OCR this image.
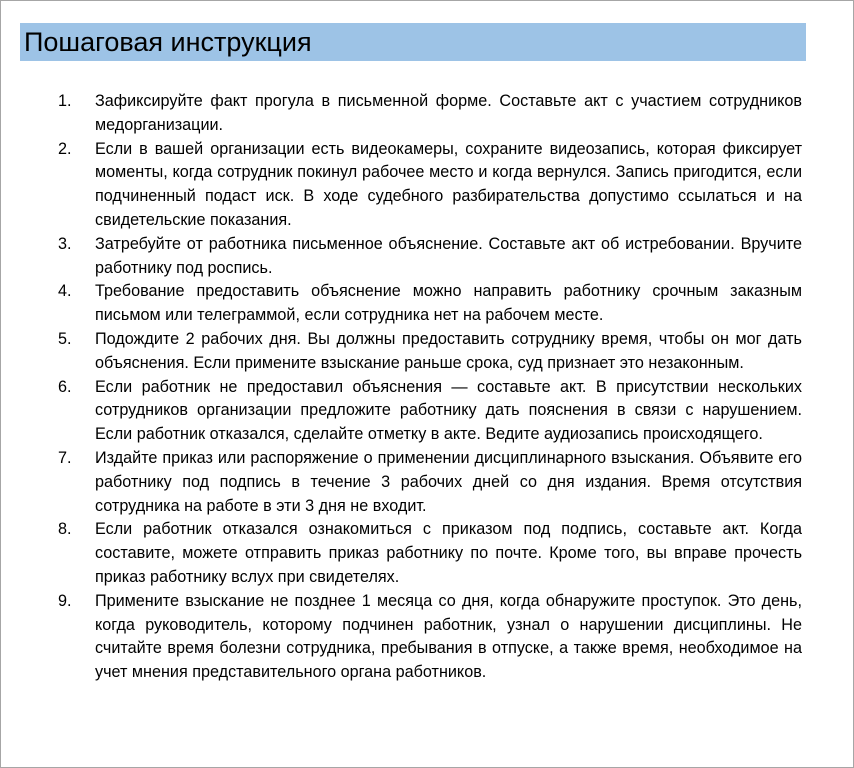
Пошаговая инструкция
1.	Зафиксируйте факт прогула в письменной форме. Составьте акт с участием сотрудников медорганизации.
2.	Если в вашей организации есть видеокамеры, сохраните видеозапись, которая фиксирует моменты, когда сотрудник покинул рабочее место и когда вернулся. Запись пригодится, если подчиненный подаст иск. В ходе судебного разбирательства допустимо ссылаться и на свидетельские показания.
3.	Затребуйте от работника письменное объяснение. Составьте акт об истребовании. Вручите работнику под роспись.
4.	Требование предоставить объяснение можно направить работнику срочным заказным письмом или телеграммой, если сотрудника нет на рабочем месте.
5.	Подождите 2 рабочих дня. Вы должны предоставить сотруднику время, чтобы он мог дать объяснения. Если примените взыскание раньше срока, суд признает это незаконным.
6.	Если работник не предоставил объяснения — составьте акт. В присутствии нескольких сотрудников организации предложите работнику дать пояснения в связи с нарушением. Если работник отказался, сделайте отметку в акте. Ведите аудиозапись происходящего.
7.	Издайте приказ или распоряжение о применении дисциплинарного взыскания. Объявите его работнику под подпись в течение 3 рабочих дней со дня издания. Время отсутствия сотрудника на работе в эти 3 дня не входит.
8.	Если работник отказался ознакомиться с приказом под подпись, составьте акт. Когда составите, можете отправить приказ работнику по почте. Кроме того, вы вправе прочесть приказ работнику вслух при свидетелях.
9.	Примените взыскание не позднее 1 месяца со дня, когда обнаружите проступок. Это день, когда руководитель, которому подчинен работник, узнал о нарушении дисциплины. Не считайте время болезни сотрудника, пребывания в отпуске, а также время, необходимое на учет мнения представительного органа работников.
